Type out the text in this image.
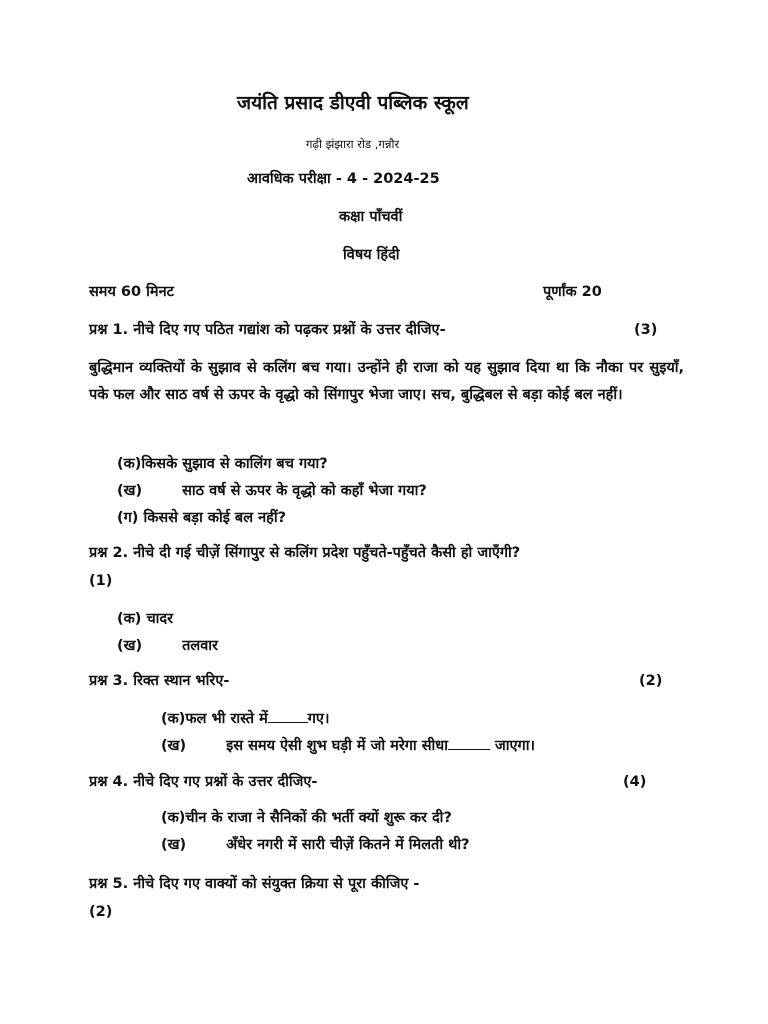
जयंति प्रसाद डीएवी पब्लिक स्कूल
गढ़ी झंझारा रोड ,गन्नौर
आवधिक परीक्षा - 4 - 2024-25
कक्षा पाँचवीं
विषय हिंदी
समय 60 मिनट	पूर्णांक 20
प्रश्न 1. नीचे दिए गए पठित गद्यांश को पढ़कर प्रश्नों के उत्तर दीजिए-	(3)
बुद्धिमान व्यक्तियों के सुझाव से कलिंग बच गया। उन्होंने ही राजा को यह सुझाव दिया था कि नौका पर सुइयाँ, पके फल और साठ वर्ष से ऊपर के वृद्धो को सिंगापुर भेजा जाए। सच, बुद्धिबल से बड़ा कोई बल नहीं।
(क)किसके सुझाव से कालिंग बच गया?
(ख)	साठ वर्ष से ऊपर के वृद्धो को कहाँ भेजा गया?
(ग) किससे बड़ा कोई बल नहीं?
प्रश्न 2. नीचे दी गई चीज़ें सिंगापुर से कलिंग प्रदेश पहुँचते-पहुँचते कैसी हो जाएँगी?
(1)
(क) चादर
(ख)	तलवार
प्रश्न 3. रिक्त स्थान भरिए-	(2)
(क)फल भी रास्ते में	गए।
(ख)	इस समय ऐसी शुभ घड़ी में जो मरेगा सीधा	जाएगा।
प्रश्न 4. नीचे दिए गए प्रश्नों के उत्तर दीजिए-	(4)
(क)चीन के राजा ने सैनिकों की भर्ती क्यों शुरू कर दी?
(ख)	अँधेर नगरी में सारी चीज़ें कितने में मिलती थी?
प्रश्न 5. नीचे दिए गए वाक्यों को संयुक्त क्रिया से पूरा कीजिए -
(2)
